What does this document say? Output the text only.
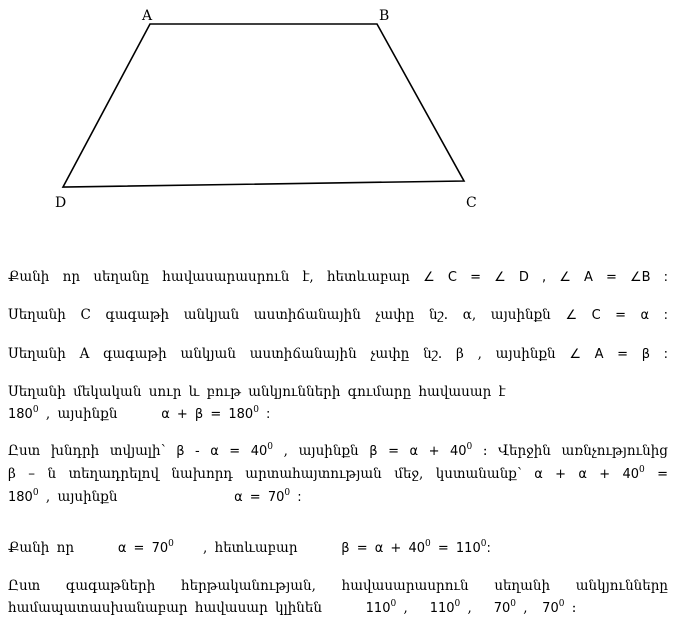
A	B
C
D
Քանի որ սեղանը հավասարասրուն է, հետևաբար ∠ C = ∠ D , ∠ A = ∠B :
Սեղանի C գագաթի անկյան աստիճանային չափը նշ. α, այսինքն ∠ C = α :
Սեղանի A գագաթի անկյան աստիճանային չափը նշ. β , այսինքն ∠ A = β :
Սեղանի մեկական սուր և բութ անկյունների գումարը հավասար է
$180^0$ , այսինքն	$\alpha + \beta = 180^0$ :
Ըստ խնդրի տվյալի՝ $\beta - \alpha = 40^0$ , այսինքն $\beta = \alpha + 40^0$ : Վերջին առնչությունից
β – ն տեղադրելով նախորդ արտահայտության մեջ, կստանանք՝ $\alpha + \alpha + 40^0$ =
$180^0$ , այսինքն	$\alpha = 70^0$ :
Քանի որ	$\alpha = 70^0$ , հետևաբար	$\beta = \alpha + 40^0 = 110^0$:
Ըստ գագաթների հերթականության, հավասարասրուն սեղանի անկյունները
համապատասխանաբար հավասար կլինեն	$110^0$ ,   $110^0$ ,   $70^0$ ,  $70^0$ :
